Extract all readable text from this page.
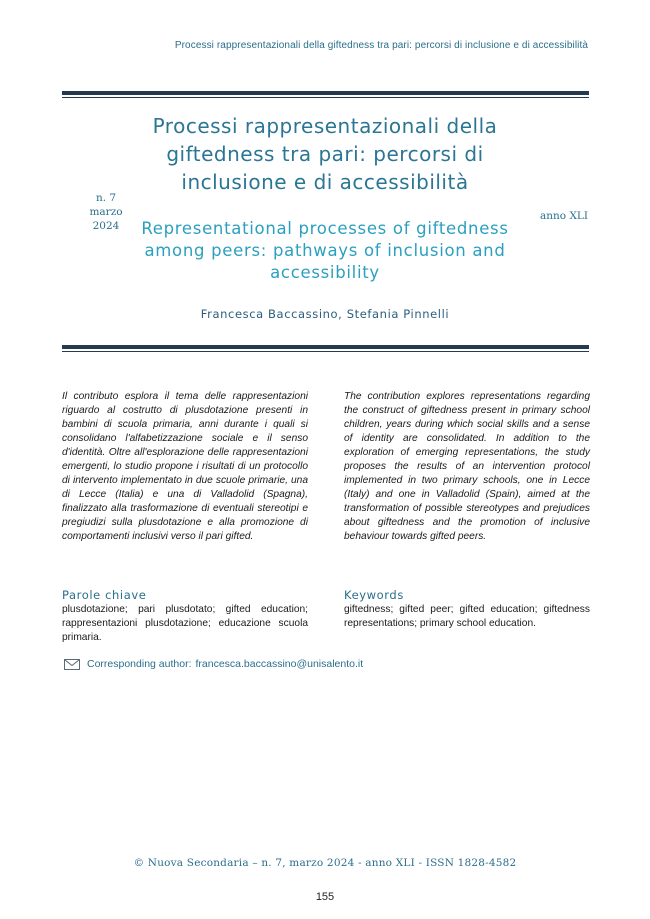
Processi rappresentazionali della giftedness tra pari: percorsi di inclusione e di accessibilità
Processi rappresentazionali della giftedness tra pari: percorsi di inclusione e di accessibilità
n. 7
marzo
2024
anno XLI
Representational processes of giftedness among peers: pathways of inclusion and accessibility
Francesca Baccassino, Stefania Pinnelli
Il contributo esplora il tema delle rappresentazioni riguardo al costrutto di plusdotazione presenti in bambini di scuola primaria, anni durante i quali si consolidano l'alfabetizzazione sociale e il senso d'identità. Oltre all'esplorazione delle rappresentazioni emergenti, lo studio propone i risultati di un protocollo di intervento implementato in due scuole primarie, una di Lecce (Italia) e una di Valladolid (Spagna), finalizzato alla trasformazione di eventuali stereotipi e pregiudizi sulla plusdotazione e alla promozione di comportamenti inclusivi verso il pari gifted.
The contribution explores representations regarding the construct of giftedness present in primary school children, years during which social skills and a sense of identity are consolidated. In addition to the exploration of emerging representations, the study proposes the results of an intervention protocol implemented in two primary schools, one in Lecce (Italy) and one in Valladolid (Spain), aimed at the transformation of possible stereotypes and prejudices about giftedness and the promotion of inclusive behaviour towards gifted peers.
Parole chiave
plusdotazione; pari plusdotato; gifted education; rappresentazioni plusdotazione; educazione scuola primaria.
Keywords
giftedness; gifted peer; gifted education; giftedness representations; primary school education.
Corresponding author: francesca.baccassino@unisalento.it
© Nuova Secondaria – n. 7, marzo 2024 - anno XLI - ISSN 1828-4582
155
